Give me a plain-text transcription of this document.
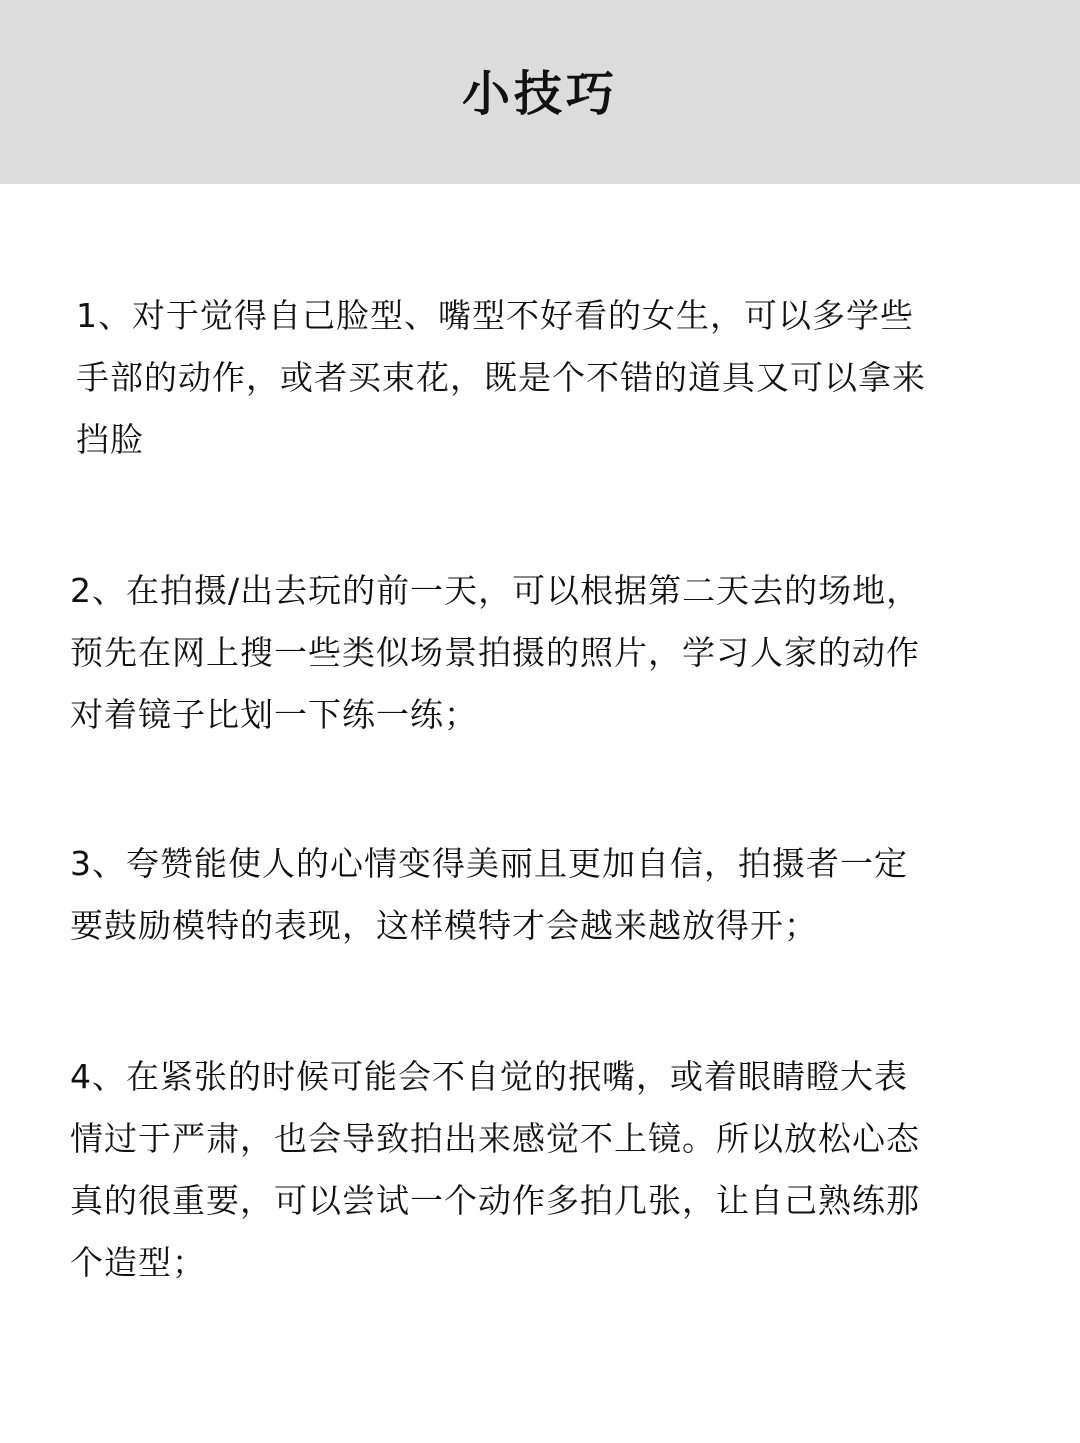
小技巧
1、对于觉得自己脸型、嘴型不好看的女生，可以多学些
手部的动作，或者买束花，既是个不错的道具又可以拿来
挡脸
2、在拍摄/出去玩的前一天，可以根据第二天去的场地，
预先在网上搜一些类似场景拍摄的照片，学习人家的动作
对着镜子比划一下练一练；
3、夸赞能使人的心情变得美丽且更加自信，拍摄者一定
要鼓励模特的表现，这样模特才会越来越放得开；
4、在紧张的时候可能会不自觉的抿嘴，或着眼睛瞪大表
情过于严肃，也会导致拍出来感觉不上镜。所以放松心态
真的很重要，可以尝试一个动作多拍几张，让自己熟练那
个造型；
